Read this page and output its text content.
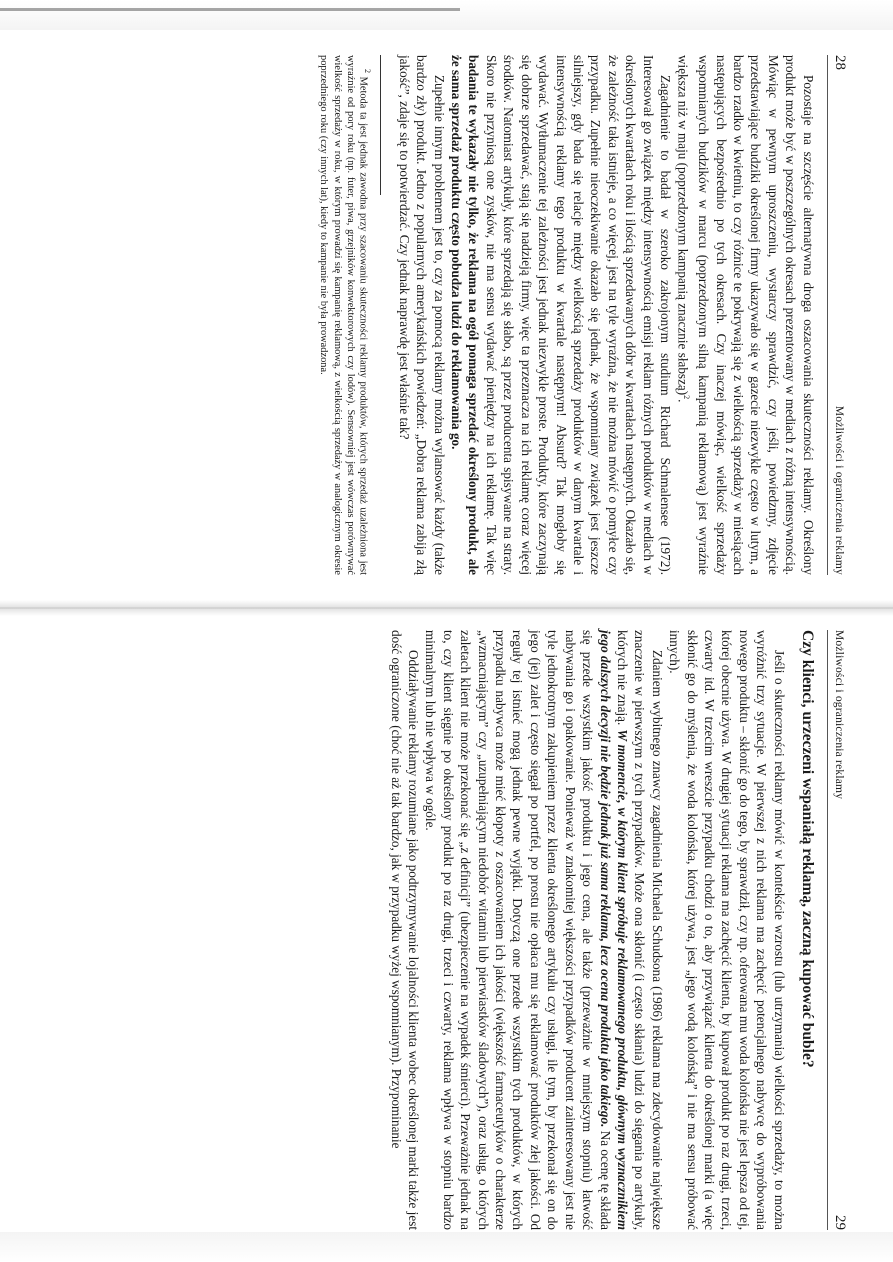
28
Możliwości i ograniczenia reklamy

Pozostaje na szczęście alternatywna droga oszacowania skuteczności reklamy. Określony produkt może być w poszczególnych okresach prezentowany w mediach z różną intensywnością. Mówiąc w pewnym uproszczeniu, wystarczy sprawdzić, czy jeśli, powiedzmy, zdjęcie przedstawiające budziki określonej firmy ukazywało się w gazecie niezwykle często w lutym, a bardzo rzadko w kwietniu, to czy różnice te pokrywają się z wielkością sprzedaży w miesiącach następujących bezpośrednio po tych okresach. Czy inaczej mówiąc, wielkość sprzedaży wspomnianych budzików w marcu (poprzedzonym silną kampanią reklamową) jest wyraźnie większa niż w maju (poprzedzonym kampanią znacznie słabszą)$^2$.

Zagadnienie to badał w szeroko zakrojonym studium Richard Schmalensee (1972). Interesował go związek między intensywnością emisji reklam różnych produktów w mediach w określonych kwartałach roku i ilością sprzedawanych dóbr w kwartałach następnych. Okazało się, że zależność taka istnieje, a co więcej, jest na tyle wyraźna, że nie można mówić o pomyłce czy przypadku. Zupełnie nieoczekiwanie okazało się jednak, że wspomniany związek jest jeszcze silniejszy, gdy bada się relacje między wielkością sprzedaży produktów w danym kwartale i intensywnością reklamy tego produktu w kwartale następnym! Absurd? Tak mogłoby się wydawać. Wytłumaczenie tej zależności jest jednak niezwykle proste. Produkty, które zaczynają się dobrze sprzedawać, stają się nadzieją firmy, więc ta przeznacza na ich reklamę coraz więcej środków. Natomiast artykuły, które sprzedają się słabo, są przez producenta spisywane na straty. Skoro nie przyniosą one zysków, nie ma sensu wydawać pieniędzy na ich reklamę. Tak więc badania te wykazały nie tylko, że reklama na ogół pomaga sprzedać określony produkt, ale że sama sprzedaż produktu często pobudza ludzi do reklamowania go.

Zupełnie innym problemem jest to, czy za pomocą reklamy można wylansować każdy (także bardzo zły) produkt. Jedno z popularnych amerykańskich powiedzeń: „Dobra reklama zabija złą jakość”, zdaje się to potwierdzać. Czy jednak naprawdę jest właśnie tak?

$^2$ Metoda ta jest jednak zawodna przy szacowaniu skuteczności reklamy produktów, których sprzedaż uzależniona jest wyraźnie od pory roku (np. futer, piwa, grzejników konwektorowych czy lodów). Sensowniej jest wówczas porównywać wielkość sprzedaży w roku, w którym prowadzi się kampanię reklamową, z wielkością sprzedaży w analogicznym okresie poprzedniego roku (czy innych lat), kiedy to kampanie nie była prowadzona.

Możliwości i ograniczenia reklamy
29
Czy klienci, urzeczeni wspaniałą reklamą, zaczną kupować buble?

Jeśli o skuteczności reklamy mówić w kontekście wzrostu (lub utrzymania) wielkości sprzedaży, to można wyróżnić trzy sytuacje. W pierwszej z nich reklama ma zachęcić potencjalnego nabywcę do wypróbowania nowego produktu – skłonić go do tego, by sprawdził, czy np. oferowana mu woda kolońska nie jest lepsza od tej, której obecnie używa. W drugiej sytuacji reklama ma zachęcić klienta, by kupował produkt po raz drugi, trzeci, czwarty itd. W trzecim wreszcie przypadku chodzi o to, aby przywiązać klienta do określonej marki (a więc skłonić go do myślenia, że woda kolońska, której używa, jest „jego wodą kolońską” i nie ma sensu próbować innych).

Zdaniem wybitnego znawcy zagadnienia Michaela Schudsona (1986) reklama ma zdecydowanie największe znaczenie w pierwszym z tych przypadków. Może ona skłonić (i często skłania) ludzi do sięgania po artykuły, których nie znają. W momencie, w którym klient spróbuje reklamowanego produktu, głównym wyznacznikiem jego dalszych decyzji nie będzie jednak już sama reklama, lecz ocena produktu jako takiego. Na ocenę tę składa się przede wszystkim jakość produktu i jego cena, ale także (przeważnie w mniejszym stopniu) łatwość nabywania go i opakowanie. Ponieważ w znakomitej większości przypadków producent zainteresowany jest nie tyle jednokrotnym zakupieniem przez klienta określonego artykułu czy usługi, ile tym, by przekonał się on do jego (jej) zalet i często sięgał po portfel, po prostu nie opłaca mu się reklamować produktów złej jakości. Od reguły tej istnieć mogą jednak pewne wyjątki. Dotyczą one przede wszystkim tych produktów, w których przypadku nabywca może mieć kłopoty z oszacowaniem ich jakości (większość farmaceutyków o charakterze „wzmacniającym” czy „uzupełniającym niedobór witamin lub pierwiastków śladowych”), oraz usług, o których zaletach klient nie może przekonać się „z definicji” (ubezpieczenie na wypadek śmierci). Przeważnie jednak na to, czy klient sięgnie po określony produkt po raz drugi, trzeci i czwarty, reklama wpływa w stopniu bardzo minimalnym lub nie wpływa w ogóle.

Oddziaływanie reklamy rozumiane jako podtrzymywanie lojalności klienta wobec określonej marki także jest dość ograniczone (choć nie aż tak bardzo, jak w przypadku wyżej wspomnianym). Przypominanie
